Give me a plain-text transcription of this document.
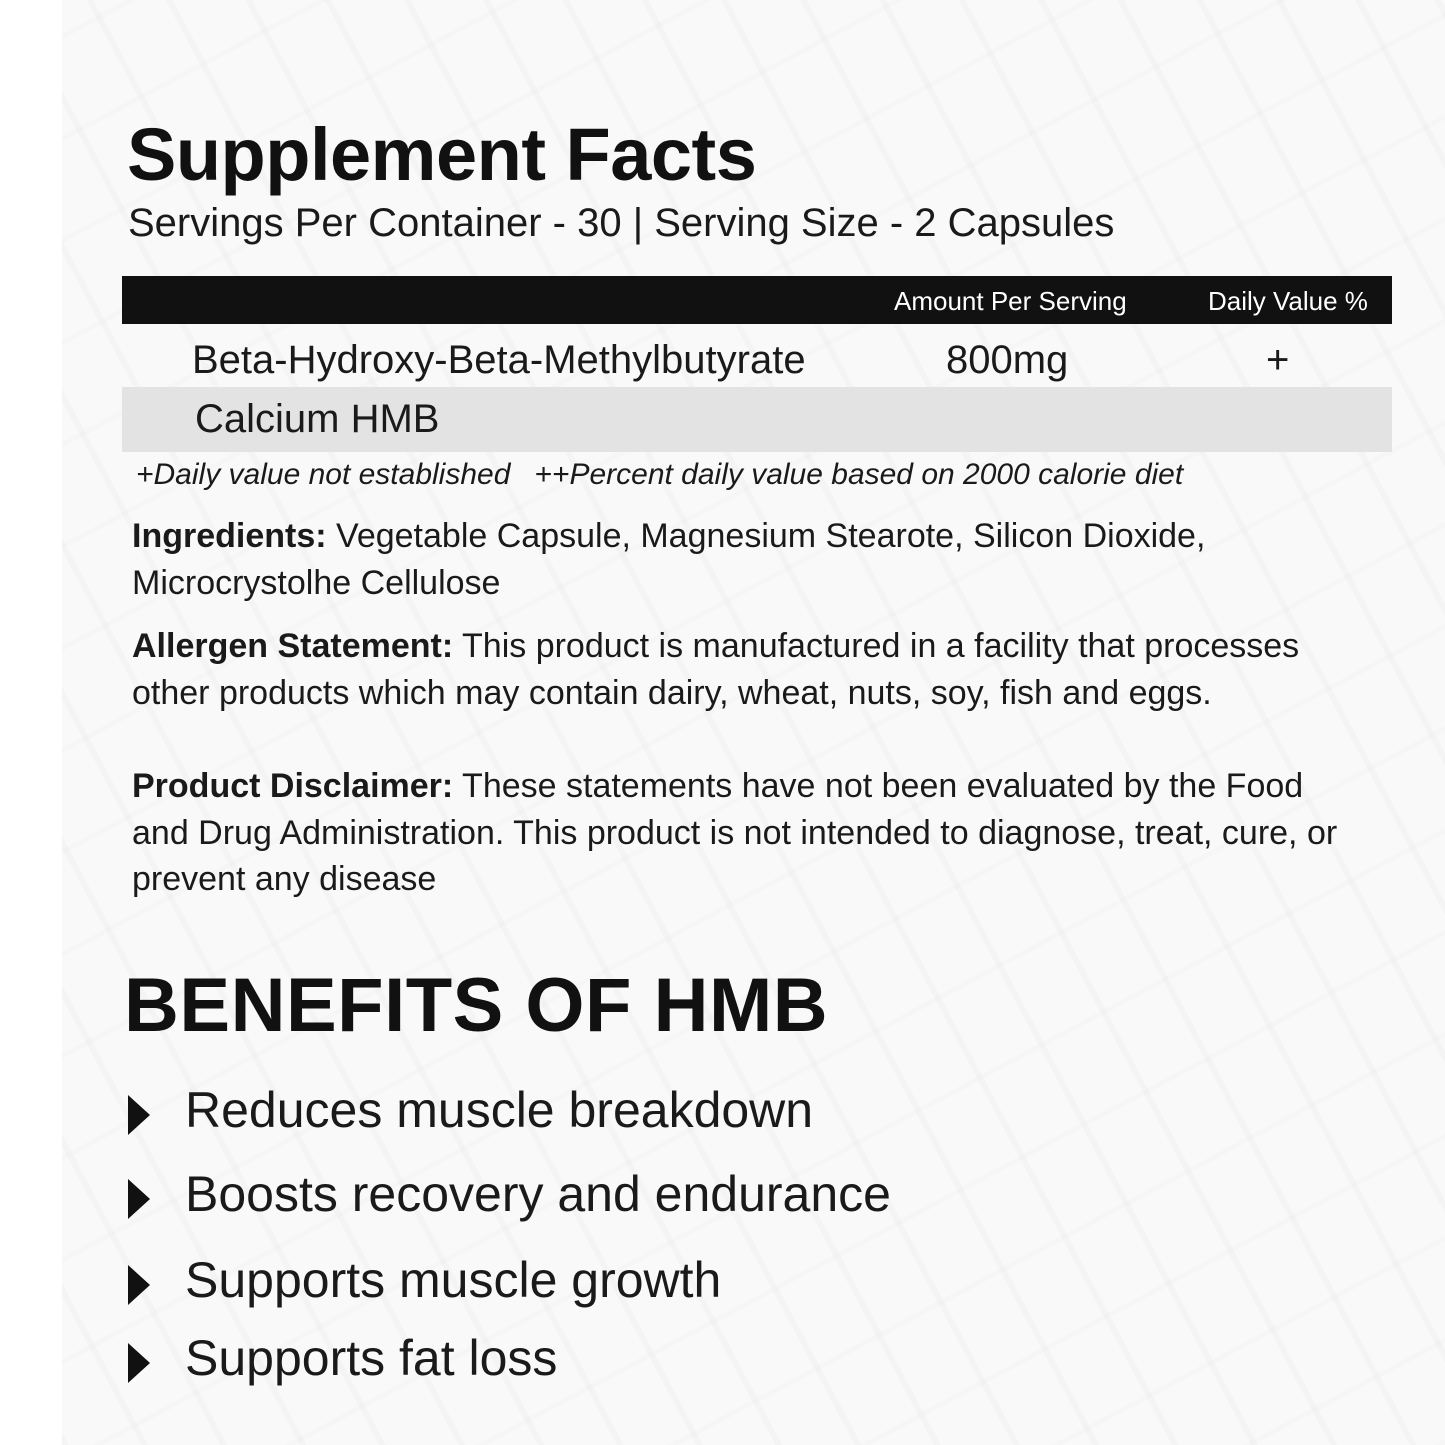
Supplement Facts
Servings Per Container - 30 | Serving Size - 2 Capsules
Amount Per Serving	Daily Value %
Beta-Hydroxy-Beta-Methylbutyrate	800mg	+
Calcium HMB
+Daily value not established ++Percent daily value based on 2000 calorie diet

Ingredients: Vegetable Capsule, Magnesium Stearote, Silicon Dioxide, Microcrystolhe Cellulose

Allergen Statement: This product is manufactured in a facility that processes other products which may contain dairy, wheat, nuts, soy, fish and eggs.

Product Disclaimer: These statements have not been evaluated by the Food and Drug Administration. This product is not intended to diagnose, treat, cure, or prevent any disease

BENEFITS OF HMB
Reduces muscle breakdown
Boosts recovery and endurance
Supports muscle growth
Supports fat loss
